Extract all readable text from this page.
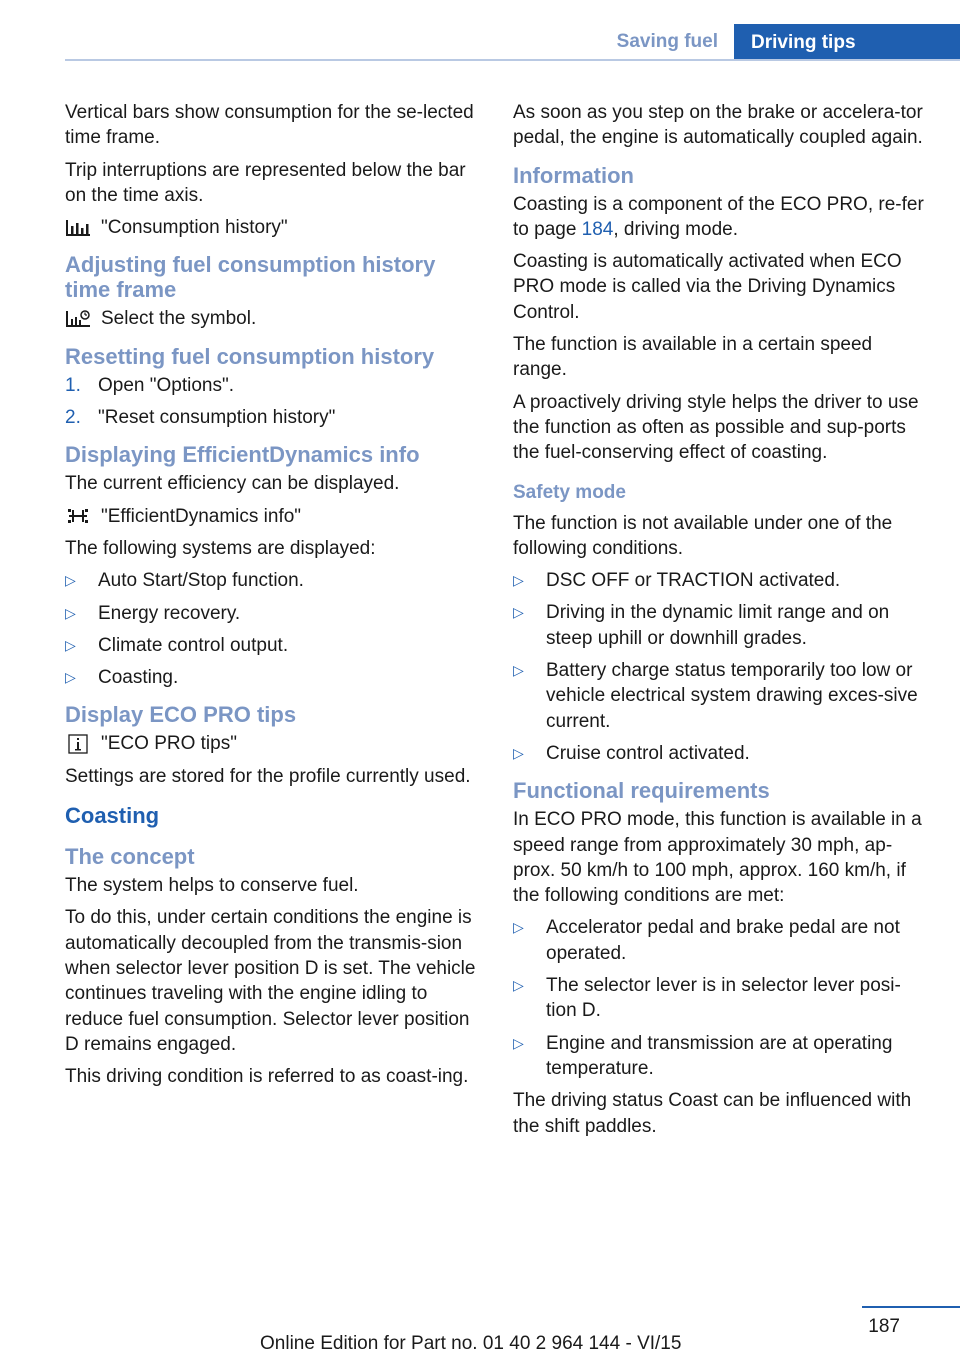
Saving fuel	Driving tips

Vertical bars show consumption for the se-lected time frame.

Trip interruptions are represented below the bar on the time axis.

"Consumption history"
Adjusting fuel consumption history time frame
Select the symbol.
Resetting fuel consumption history
1. Open "Options".
2. "Reset consumption history"
Displaying EfficientDynamics info

The current efficiency can be displayed.

"EfficientDynamics info"

The following systems are displayed:

▷	Auto Start/Stop function.
▷	Energy recovery.
▷	Climate control output.
▷	Coasting.
Display ECO PRO tips
"ECO PRO tips"

Settings are stored for the profile currently used.

Coasting
The concept

The system helps to conserve fuel.

To do this, under certain conditions the engine is automatically decoupled from the transmis-sion when selector lever position D is set. The vehicle continues traveling with the engine idling to reduce fuel consumption. Selector lever position D remains engaged.

This driving condition is referred to as coast-ing.

As soon as you step on the brake or accelera-tor pedal, the engine is automatically coupled again.

Information

Coasting is a component of the ECO PRO, re-fer to page 184, driving mode.

Coasting is automatically activated when ECO PRO mode is called via the Driving Dynamics Control.

The function is available in a certain speed range.

A proactively driving style helps the driver to use the function as often as possible and sup-ports the fuel-conserving effect of coasting.

Safety mode

The function is not available under one of the following conditions.

▷	DSC OFF or TRACTION activated.
▷	Driving in the dynamic limit range and on steep uphill or downhill grades.
▷	Battery charge status temporarily too low or vehicle electrical system drawing exces-sive current.
▷	Cruise control activated.
Functional requirements

In ECO PRO mode, this function is available in a speed range from approximately 30 mph, ap-prox. 50 km/h to 100 mph, approx. 160 km/h, if the following conditions are met:

▷	Accelerator pedal and brake pedal are not operated.
▷	The selector lever is in selector lever posi-tion D.
▷	Engine and transmission are at operating temperature.

The driving status Coast can be influenced with the shift paddles.

187
Online Edition for Part no. 01 40 2 964 144 - VI/15
